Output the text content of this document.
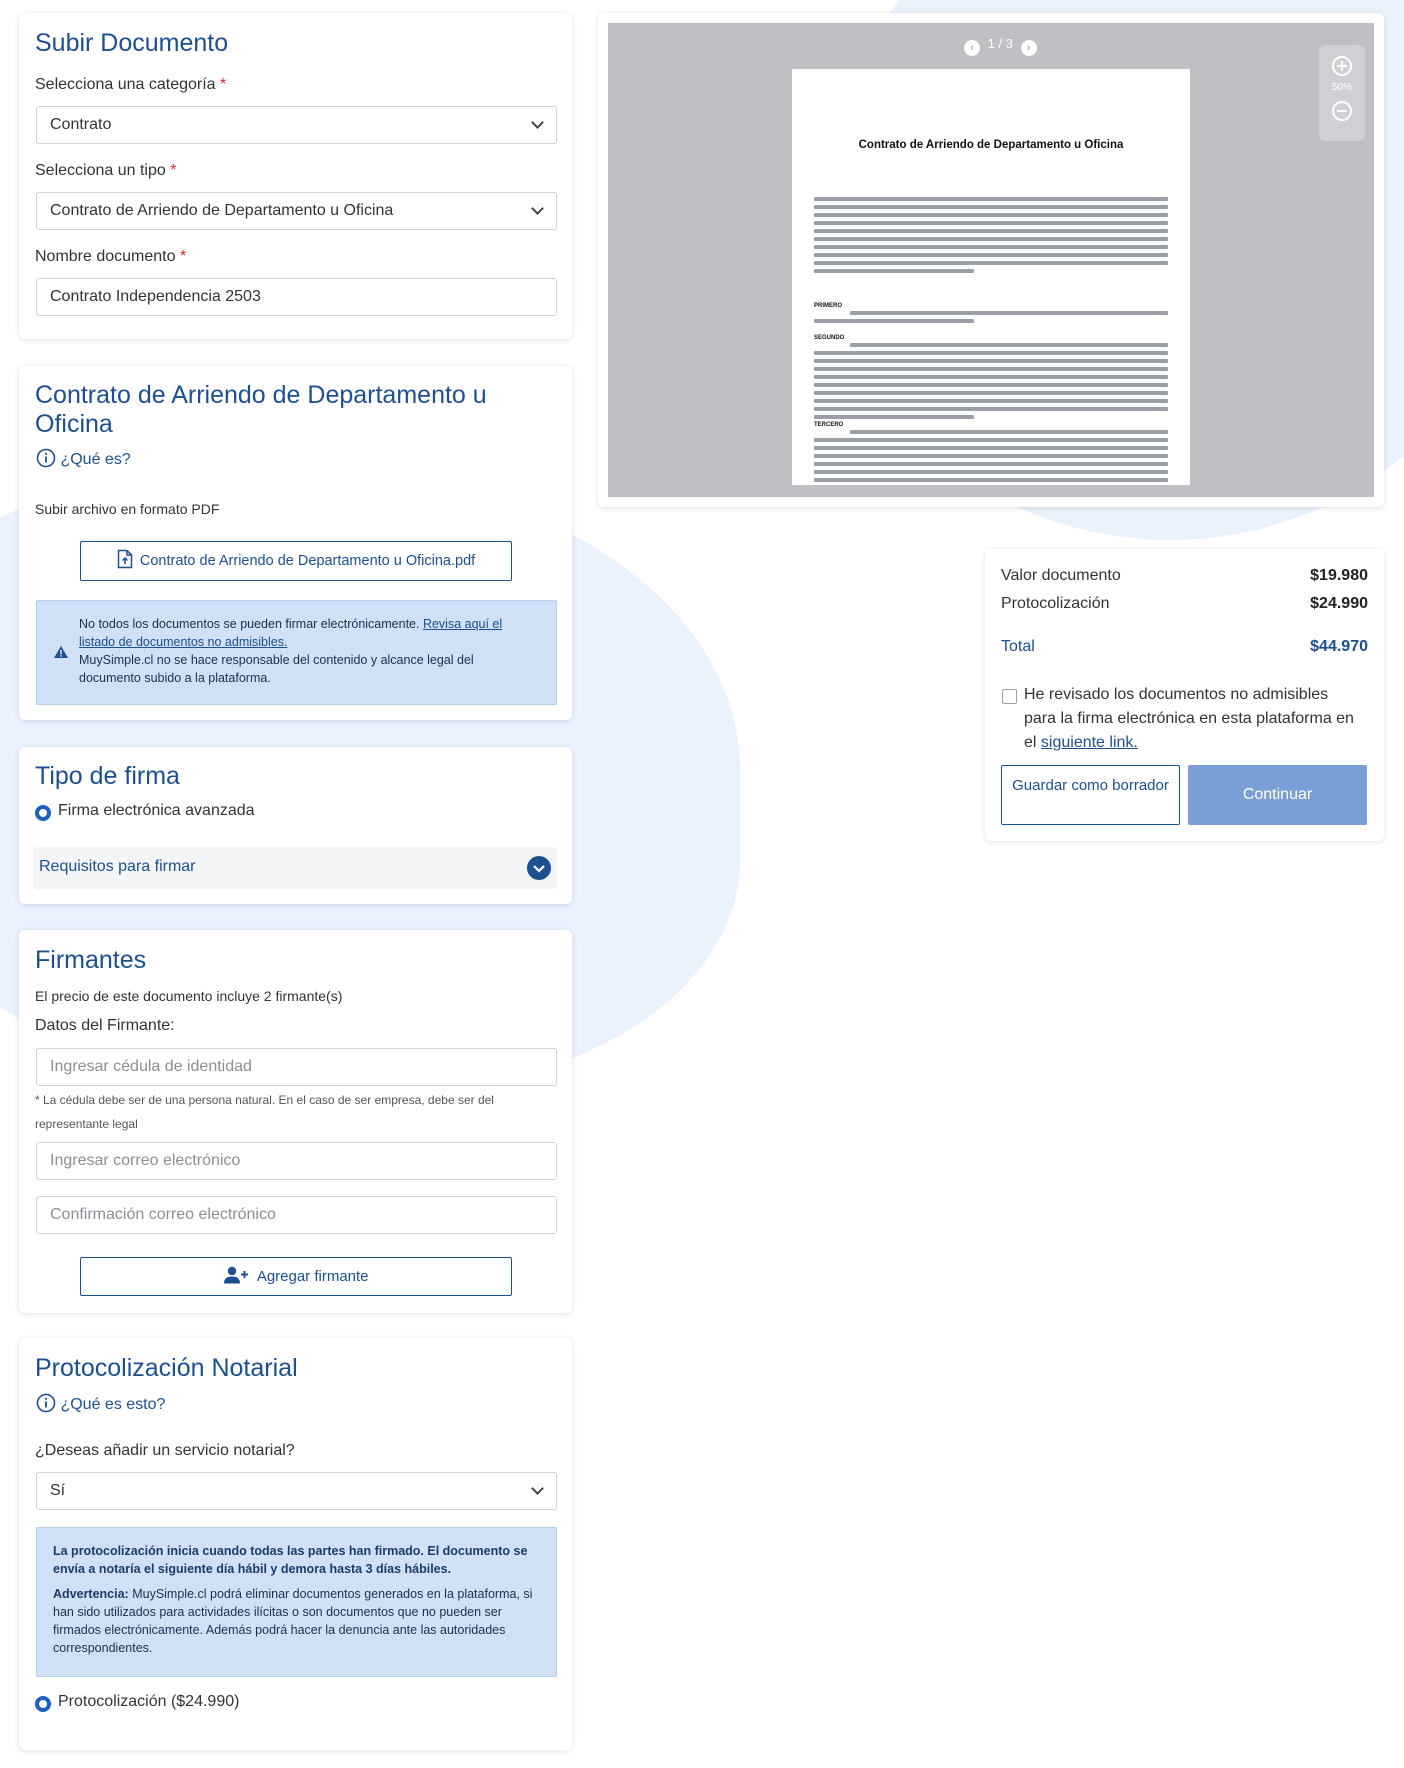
Subir Documento
Selecciona una categoría *
Contrato
Selecciona un tipo *
Contrato de Arriendo de Departamento u Oficina
Nombre documento *
Contrato Independencia 2503
Contrato de Arriendo de Departamento u Oficina
¿Qué es?
Subir archivo en formato PDF
Contrato de Arriendo de Departamento u Oficina.pdf
No todos los documentos se pueden firmar electrónicamente. Revisa aquí el listado de documentos no admisibles.
MuySimple.cl no se hace responsable del contenido y alcance legal del documento subido a la plataforma.
Tipo de firma
Firma electrónica avanzada
Requisitos para firmar
Firmantes
El precio de este documento incluye 2 firmante(s)
Datos del Firmante:
Ingresar cédula de identidad
* La cédula debe ser de una persona natural. En el caso de ser empresa, debe ser del representante legal
Ingresar correo electrónico
Confirmación correo electrónico
Agregar firmante
Protocolización Notarial
¿Qué es esto?
¿Deseas añadir un servicio notarial?
Sí
La protocolización inicia cuando todas las partes han firmado. El documento se envía a notaría el siguiente día hábil y demora hasta 3 días hábiles.
Advertencia: MuySimple.cl podrá eliminar documentos generados en la plataforma, si han sido utilizados para actividades ilícitas o son documentos que no pueden ser firmados electrónicamente. Además podrá hacer la denuncia ante las autoridades correspondientes.
Protocolización ($24.990)
‹ 1 / 3 ›
50%
Contrato de Arriendo de Departamento u Oficina
PRIMERO
SEGUNDO
TERCERO
Valor documento	$19.980
Protocolización	$24.990
Total	$44.970
He revisado los documentos no admisibles para la firma electrónica en esta plataforma en el siguiente link.
Guardar como borrador
Continuar
